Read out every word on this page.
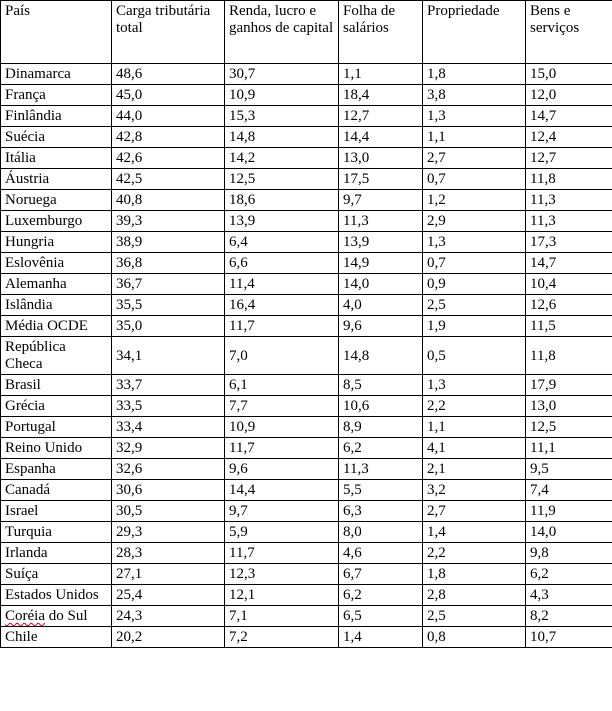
País	Carga tributária total	Renda, lucro e ganhos de capital	Folha de salários	Propriedade	Bens e serviços
Dinamarca	48,6	30,7	1,1	1,8	15,0
França	45,0	10,9	18,4	3,8	12,0
Finlândia	44,0	15,3	12,7	1,3	14,7
Suécia	42,8	14,8	14,4	1,1	12,4
Itália	42,6	14,2	13,0	2,7	12,7
Áustria	42,5	12,5	17,5	0,7	11,8
Noruega	40,8	18,6	9,7	1,2	11,3
Luxemburgo	39,3	13,9	11,3	2,9	11,3
Hungria	38,9	6,4	13,9	1,3	17,3
Eslovênia	36,8	6,6	14,9	0,7	14,7
Alemanha	36,7	11,4	14,0	0,9	10,4
Islândia	35,5	16,4	4,0	2,5	12,6
Média OCDE	35,0	11,7	9,6	1,9	11,5
República Checa	34,1	7,0	14,8	0,5	11,8
Brasil	33,7	6,1	8,5	1,3	17,9
Grécia	33,5	7,7	10,6	2,2	13,0
Portugal	33,4	10,9	8,9	1,1	12,5
Reino Unido	32,9	11,7	6,2	4,1	11,1
Espanha	32,6	9,6	11,3	2,1	9,5
Canadá	30,6	14,4	5,5	3,2	7,4
Israel	30,5	9,7	6,3	2,7	11,9
Turquia	29,3	5,9	8,0	1,4	14,0
Irlanda	28,3	11,7	4,6	2,2	9,8
Suíça	27,1	12,3	6,7	1,8	6,2
Estados Unidos	25,4	12,1	6,2	2,8	4,3
Coréia do Sul	24,3	7,1	6,5	2,5	8,2
Chile	20,2	7,2	1,4	0,8	10,7
